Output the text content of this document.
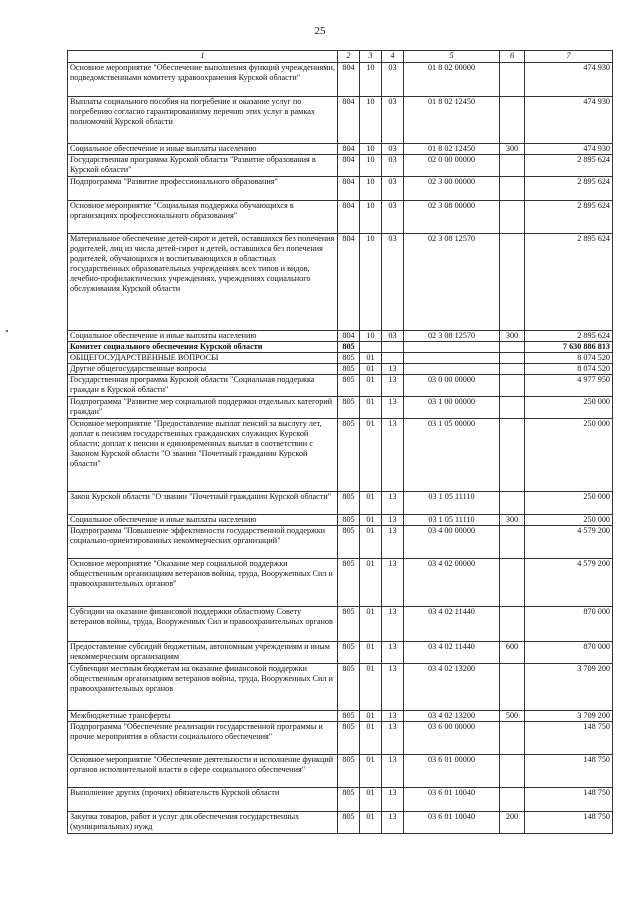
25
1	2	3	4	5	6	7
Основное мероприятие "Обеспечение выполнения функций учреждениями, подведомственными комитету здравоохранения Курской области"	804	10	03	01 8 02 00000		474 930
Выплаты социального пособия на погребение и оказание услуг по погребению согласно гарантированному перечню этих услуг в рамках полномочий Курской области	804	10	03	01 8 02 12450		474 930
Социальное обеспечение и иные выплаты населению	804	10	03	01 8 02 12450	300	474 930
Государственная программа Курской области "Развитие образования в Курской области"	804	10	03	02 0 00 00000		2 895 624
Подпрограмма "Развитие профессионального образования"	804	10	03	02 3 00 00000		2 895 624
Основное мероприятие "Социальная поддержка обучающихся в организациях профессионального образования"	804	10	03	02 3 08 00000		2 895 624
Материальное обеспечение детей-сирот и детей, оставшихся без попечения родителей, лиц из числа детей-сирот и детей, оставшихся без попечения родителей, обучающихся и воспитывающихся в областных государственных образовательных учреждениях всех типов и видов, лечебно-профилактических учреждениях, учреждениях социального обслуживания Курской области	804	10	03	02 3 08 12570		2 895 624
Социальное обеспечение и иные выплаты населению	804	10	03	02 3 08 12570	300	2 895 624
Комитет социального обеспечения Курской области	805					7 630 886 813
ОБЩЕГОСУДАРСТВЕННЫЕ ВОПРОСЫ	805	01				8 074 520
Другие общегосударственные вопросы	805	01	13			8 074 520
Государственная программа Курской области "Социальная поддержка граждан в Курской области"	805	01	13	03 0 00 00000		4 977 950
Подпрограмма "Развитие мер социальной поддержки отдельных категорий граждан"	805	01	13	03 1 00 00000		250 000
Основное мероприятие "Предоставление выплат пенсий за выслугу лет, доплат к пенсиям государственных гражданских служащих Курской области; доплат к пенсии и единовременных выплат в соответствии с Законом Курской области "О звании "Почетный гражданин Курской области"	805	01	13	03 1 05 00000		250 000
Закон Курской области "О звании "Почетный гражданин Курской области"	805	01	13	03 1 05 11110		250 000
Социальное обеспечение и иные выплаты населению	805	01	13	03 1 05 11110	300	250 000
Подпрограмма "Повышение эффективности государственной поддержки социально-ориентированных некоммерческих организаций"	805	01	13	03 4 00 00000		4 579 200
Основное мероприятие "Оказание мер социальной поддержки общественным организациям ветеранов войны, труда, Вооруженных Сил и правоохранительных органов"	805	01	13	03 4 02 00000		4 579 200
Субсидии на оказание финансовой поддержки областному Совету ветеранов войны, труда, Вооруженных Сил и правоохранительных органов	805	01	13	03 4 02 11440		870 000
Предоставление субсидий бюджетным, автономным учреждениям и иным некоммерческим организациям	805	01	13	03 4 02 11440	600	870 000
Субвенции местным бюджетам на оказание финансовой поддержки общественным организациям ветеранов войны, труда, Вооруженных Сил и правоохранительных органов	805	01	13	03 4 02 13200		3 709 200
Межбюджетные трансферты	805	01	13	03 4 02 13200	500	3 709 200
Подпрограмма "Обеспечение реализации государственной программы и прочие мероприятия в области социального обеспечения"	805	01	13	03 6 00 00000		148 750
Основное мероприятие "Обеспечение деятельности и исполнение функций органов исполнительной власти в сфере социального обеспечения"	805	01	13	03 6 01 00000		148 750
Выполнение других (прочих) обязательств Курской области	805	01	13	03 6 01 10040		148 750
Закупка товаров, работ и услуг для обеспечения государственных (муниципальных) нужд	805	01	13	03 6 01 10040	200	148 750
